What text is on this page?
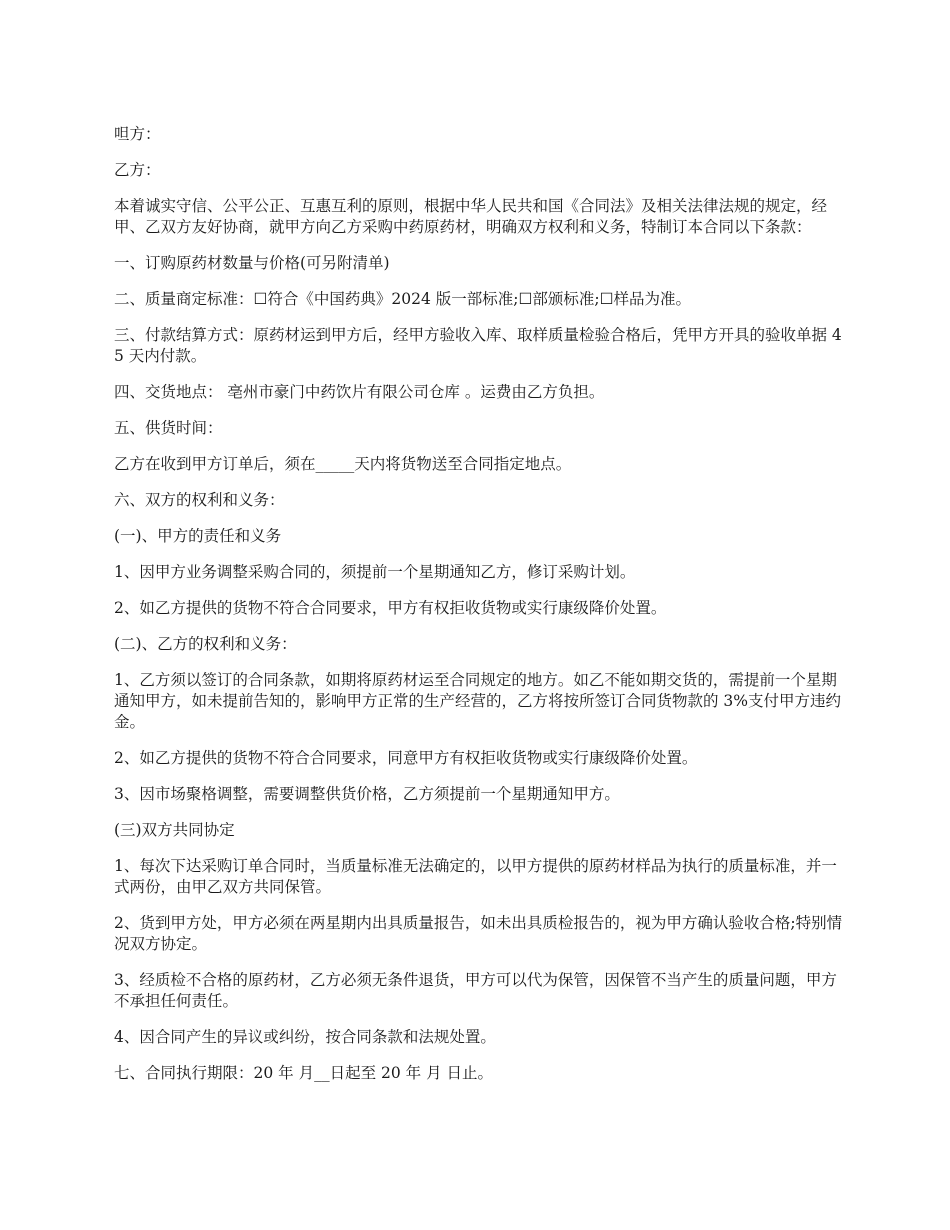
呾方：

乙方：

本着诚实守信、公平公正、互惠互利的原则，根据中华人民共和国《合同法》及相关法律法规的规定，经甲、乙双方友好协商，就甲方向乙方采购中药原药材，明确双方权利和义务，特制订本合同以下条款：

一、订购原药材数量与价格(可另附清单)

二、质量商定标准：☐符合《中国药典》2024 版一部标准;☐部颁标准;☐样品为准。

三、付款结算方式：原药材运到甲方后，经甲方验收入库、取样质量检验合格后，凭甲方开具的验收单据 45 天内付款。

四、交货地点： 亳州市豪门中药饮片有限公司仓库 。运费由乙方负担。

五、供货时间：

乙方在收到甲方订单后，须在_____天内将货物送至合同指定地点。

六、双方的权利和义务：

(一)、甲方的责任和义务

1、因甲方业务调整采购合同的，须提前一个星期通知乙方，修订采购计划。

2、如乙方提供的货物不符合合同要求，甲方有权拒收货物或实行康级降价处置。

(二)、乙方的权利和义务：

1、乙方须以签订的合同条款，如期将原药材运至合同规定的地方。如乙不能如期交货的，需提前一个星期通知甲方，如未提前告知的，影响甲方正常的生产经营的，乙方将按所签订合同货物款的 3%支付甲方违约金。

2、如乙方提供的货物不符合合同要求，同意甲方有权拒收货物或实行康级降价处置。

3、因市场聚格调整，需要调整供货价格，乙方须提前一个星期通知甲方。

(三)双方共同协定

1、每次下达采购订单合同时，当质量标准无法确定的，以甲方提供的原药材样品为执行的质量标准，并一式两份，由甲乙双方共同保管。

2、货到甲方处，甲方必须在两星期内出具质量报告，如未出具质检报告的，视为甲方确认验收合格;特别情况双方协定。

3、经质检不合格的原药材，乙方必须无条件退货，甲方可以代为保管，因保管不当产生的质量问题，甲方不承担任何责任。

4、因合同产生的异议或纠纷，按合同条款和法规处置。

七、合同执行期限：20 年 月__日起至 20 年 月 日止。
